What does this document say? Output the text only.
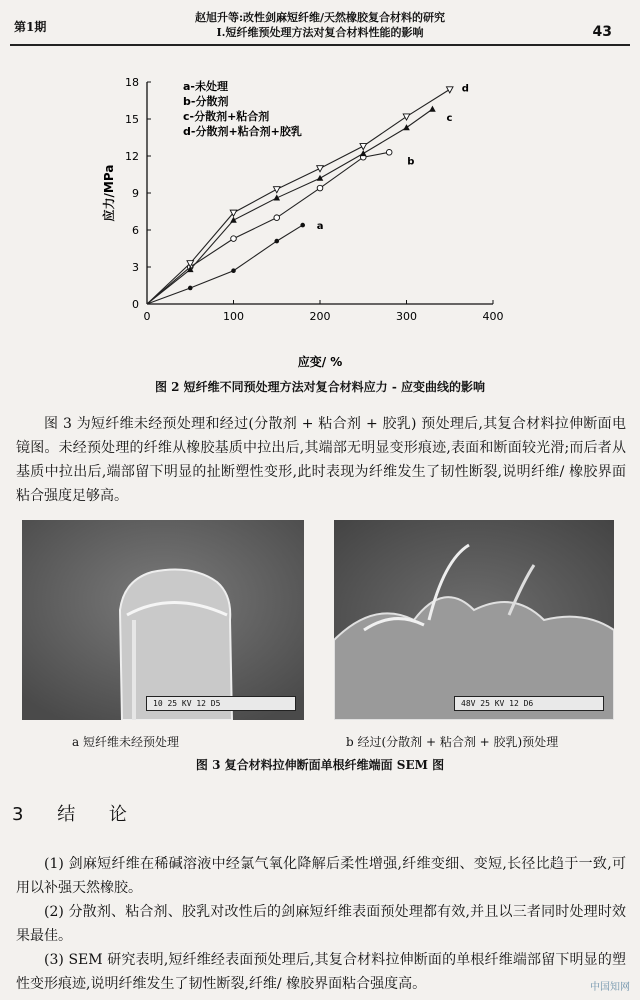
第1期
赵旭升等:改性剑麻短纤维/天然橡胶复合材料的研究
I.短纤维预处理方法对复合材料性能的影响	43
0	100	200	300	400
0
3
6
9
12
15
18
应变/ %
应力/MPa
a
b
c
d
a-未处理
b-分散剂
c-分散剂+粘合剂
d-分散剂+粘合剂+胶乳
图 2 短纤维不同预处理方法对复合材料应力 - 应变曲线的影响
图 3 为短纤维未经预处理和经过(分散剂 + 粘合剂 + 胶乳) 预处理后,其复合材料拉伸断面电镜图。未经预处理的纤维从橡胶基质中拉出后,其端部无明显变形痕迹,表面和断面较光滑;而后者从基质中拉出后,端部留下明显的扯断塑性变形,此时表现为纤维发生了韧性断裂,说明纤维/ 橡胶界面粘合强度足够高。
10 25 KV 12 D5	48V 25 KV 12 D6
a 短纤维未经预处理	b 经过(分散剂 + 粘合剂 + 胶乳)预处理
图 3 复合材料拉伸断面单根纤维端面 SEM 图
3 结 论
(1) 剑麻短纤维在稀碱溶液中经氯气氧化降解后柔性增强,纤维变细、变短,长径比趋于一致,可用以补强天然橡胶。
(2) 分散剂、粘合剂、胶乳对改性后的剑麻短纤维表面预处理都有效,并且以三者同时处理时效果最佳。
(3) SEM 研究表明,短纤维经表面预处理后,其复合材料拉伸断面的单根纤维端部留下明显的塑性变形痕迹,说明纤维发生了韧性断裂,纤维/ 橡胶界面粘合强度高。	中国知网
